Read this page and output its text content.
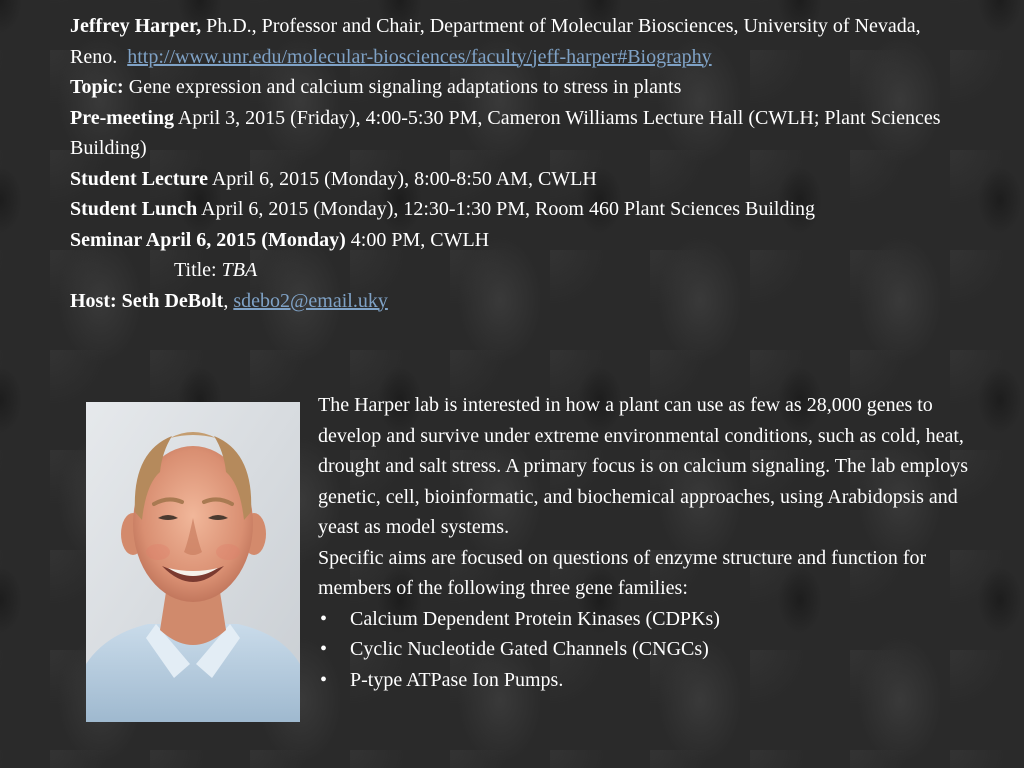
Jeffrey Harper, Ph.D., Professor and Chair, Department of Molecular Biosciences, University of Nevada, Reno. http://www.unr.edu/molecular-biosciences/faculty/jeff-harper#Biography
Topic: Gene expression and calcium signaling adaptations to stress in plants
Pre-meeting April 3, 2015 (Friday), 4:00-5:30 PM, Cameron Williams Lecture Hall (CWLH; Plant Sciences Building)
Student Lecture April 6, 2015 (Monday), 8:00-8:50 AM, CWLH
Student Lunch April 6, 2015 (Monday), 12:30-1:30 PM, Room 460 Plant Sciences Building
Seminar April 6, 2015 (Monday) 4:00 PM, CWLH
Title: TBA
Host: Seth DeBolt, sdebo2@email.uky

The Harper lab is interested in how a plant can use as few as 28,000 genes to develop and survive under extreme environmental conditions, such as cold, heat, drought and salt stress. A primary focus is on calcium signaling. The lab employs genetic, cell, bioinformatic, and biochemical approaches, using Arabidopsis and yeast as model systems.

Specific aims are focused on questions of enzyme structure and function for members of the following three gene families:

• Calcium Dependent Protein Kinases (CDPKs)
• Cyclic Nucleotide Gated Channels (CNGCs)
• P-type ATPase Ion Pumps.
